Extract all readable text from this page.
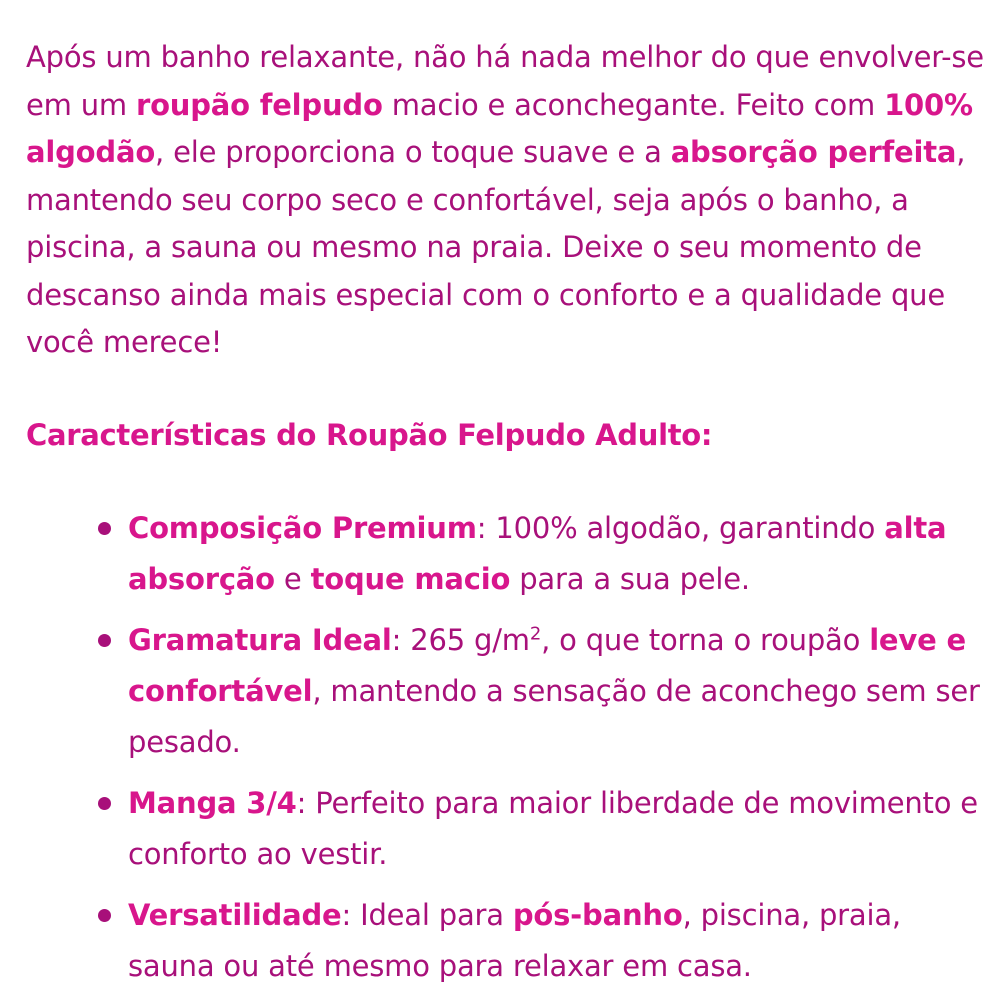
Após um banho relaxante, não há nada melhor do que envolver-se em um roupão felpudo macio e aconchegante. Feito com 100% algodão, ele proporciona o toque suave e a absorção perfeita, mantendo seu corpo seco e confortável, seja após o banho, a piscina, a sauna ou mesmo na praia. Deixe o seu momento de descanso ainda mais especial com o conforto e a qualidade que você merece!

Características do Roupão Felpudo Adulto:
Composição Premium: 100% algodão, garantindo alta absorção e toque macio para a sua pele.
Gramatura Ideal: 265 $g/m^2$, o que torna o roupão leve e confortável, mantendo a sensação de aconchego sem ser pesado.
Manga 3/4: Perfeito para maior liberdade de movimento e conforto ao vestir.
Versatilidade: Ideal para pós-banho, piscina, praia, sauna ou até mesmo para relaxar em casa.
